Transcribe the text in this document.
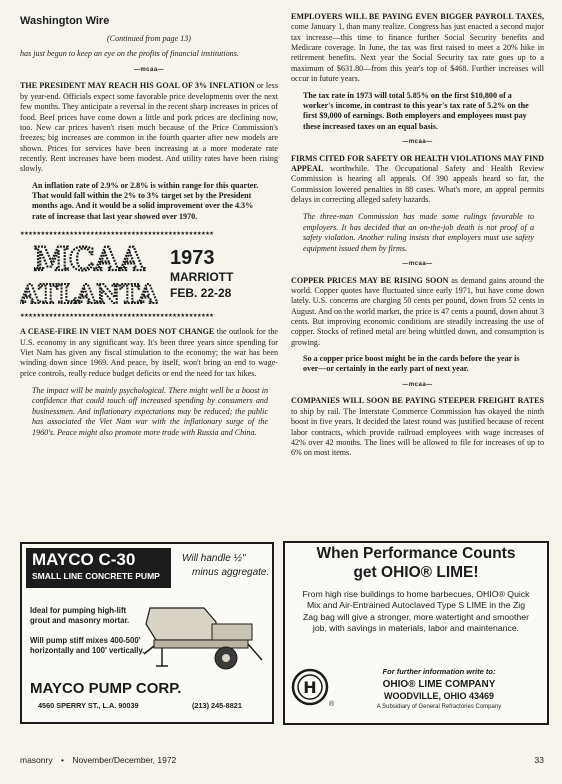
Washington Wire
(Continued from page 13)

has just begun to keep an eye on the profits of financial institutions.

—mcaa—

THE PRESIDENT MAY REACH HIS GOAL OF 3% INFLATION or less by year-end. Officials expect some favorable price developments over the next few months. They anticipate a reversal in the recent sharp increases in prices of food. Beef prices have come down a little and pork prices are declining now, too. New car prices haven't risen much because of the Price Commission's freezes; big increases are common in the fourth quarter after new models are shown. Prices for services have been increasing at a more moderate rate recently. Rent increases have been modest. And utility rates have been rising slowly.

An inflation rate of 2.9% or 2.8% is within range for this quarter. That would fall within the 2% to 3% target set by the President months ago. And it would be a solid improvement over the 4.3% rate of increase that last year showed over 1970.

★★★★★★★★★★★★★★★★★★★★★★★★★★★★★★★★★★★★★★★★★★★★★★★
MCAA
ATLANTA
1973
MARRIOTT
FEB. 22-28
★★★★★★★★★★★★★★★★★★★★★★★★★★★★★★★★★★★★★★★★★★★★★★★

A CEASE-FIRE IN VIET NAM DOES NOT CHANGE the outlook for the U.S. economy in any significant way. It's been three years since spending for Viet Nam has given any fiscal stimulation to the economy; the war has been winding down since 1969. And peace, by itself, won't bring an end to wage-price controls, really reduce budget deficits or end the need for tax hikes.

The impact will be mainly psychological. There might well be a boost in confidence that could touch off increased spending by consumers and businessmen. And inflationary expectations may be reduced; the public has associated the Viet Nam war with the inflationary surge of the 1960's. Peace might also promote more trade with Russia and China.

EMPLOYERS WILL BE PAYING EVEN BIGGER PAYROLL TAXES, come January 1, than many realize. Congress has just enacted a second major tax increase—this time to finance further Social Security benefits and Medicare coverage. In June, the tax was first raised to meet a 20% hike in retirement benefits. Next year the Social Security tax rate goes up to a maximum of $631.80—from this year's top of $468. Further increases will occur in future years.

The tax rate in 1973 will total 5.85% on the first $10,800 of a worker's income, in contrast to this year's tax rate of 5.2% on the first $9,000 of earnings. Both employers and employees must pay these increased taxes on an equal basis.

—mcaa—

FIRMS CITED FOR SAFETY OR HEALTH VIOLATIONS MAY FIND APPEAL worthwhile. The Occupational Safety and Health Review Commission is hearing all appeals. Of 390 appeals heard so far, the Commission lowered penalties in 88 cases. What's more, an appeal permits delays in correcting alleged safety hazards.

The three-man Commission has made some rulings favorable to employers. It has decided that an on-the-job death is not proof of a safety violation. Another ruling insists that employers must use safety equipment issued them by firms.

—mcaa—

COPPER PRICES MAY BE RISING SOON as demand gains around the world. Copper quotes have fluctuated since early 1971, but have come down lately. U.S. concerns are charging 50 cents per pound, down from 52 cents in August. And on the world market, the price is 47 cents a pound, down about 3 cents. But improving economic conditions are steadily increasing the use of copper. Stocks of refined metal are being whittled down, and consumption is growing.

So a copper price boost might be in the cards before the year is over—or certainly in the early part of next year.

—mcaa—

COMPANIES WILL SOON BE PAYING STEEPER FREIGHT RATES to ship by rail. The Interstate Commerce Commission has okayed the ninth boost in five years. It decided the latest round was justified because of recent labor contracts, which provide railroad employees with wage increases of 42% over 42 months. The lines will be allowed to file for increases of up to 6% on most items.

MAYCO C-30
SMALL LINE CONCRETE PUMP
Will handle ½"
minus aggregate.
Ideal for pumping high-lift grout and masonry mortar.
Will pump stiff mixes 400-500' horizontally and 100' vertically.
MAYCO PUMP CORP.
4560 SPERRY ST., L.A. 90039	(213) 245-8821
When Performance Counts
get OHIO® LIME!
From high rise buildings to home barbecues, OHIO® Quick Mix and Air-Entrained Autoclaved Type S LIME in the Zig Zag bag will give a stronger, more watertight and smoother job, with savings in materials, labor and maintenance.
H
®
For further information write to:
OHIO® LIME COMPANY
WOODVILLE, OHIO 43469
A Subsidiary of General Refractories Company
masonry • November/December, 1972	33
